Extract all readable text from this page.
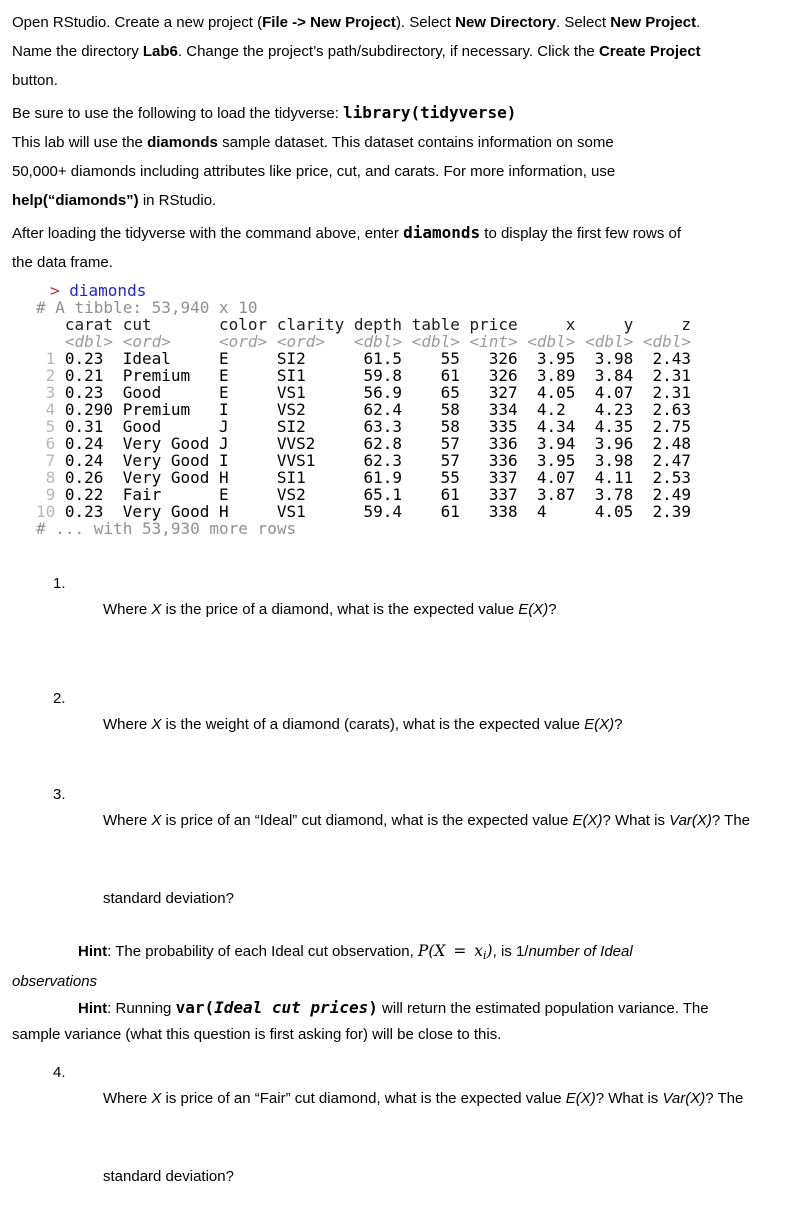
Open RStudio. Create a new project (File -> New Project). Select New Directory. Select New Project.
Name the directory Lab6. Change the project’s path/subdirectory, if necessary. Click the Create Project
button.
Be sure to use the following to load the tidyverse: library(tidyverse)
This lab will use the diamonds sample dataset. This dataset contains information on some
50,000+ diamonds including attributes like price, cut, and carats. For more information, use
help(“diamonds”) in RStudio.
After loading the tidyverse with the command above, enter diamonds to display the first few rows of
the data frame.
> diamonds
# A tibble: 53,940 x 10
carat cut       color clarity depth table price     x     y     z
<dbl> <ord>     <ord> <ord>   <dbl> <dbl> <int> <dbl> <dbl> <dbl>
1 0.23  Ideal     E     SI2      61.5    55   326  3.95  3.98  2.43
2 0.21  Premium   E     SI1      59.8    61   326  3.89  3.84  2.31
3 0.23  Good      E     VS1      56.9    65   327  4.05  4.07  2.31
4 0.290 Premium   I     VS2      62.4    58   334  4.2   4.23  2.63
5 0.31  Good      J     SI2      63.3    58   335  4.34  4.35  2.75
6 0.24  Very Good J     VVS2     62.8    57   336  3.94  3.96  2.48
7 0.24  Very Good I     VVS1     62.3    57   336  3.95  3.98  2.47
8 0.26  Very Good H     SI1      61.9    55   337  4.07  4.11  2.53
9 0.22  Fair      E     VS2      65.1    61   337  3.87  3.78  2.49
10 0.23  Very Good H     VS1      59.4    61   338  4     4.05  2.39
# ... with 53,930 more rows

1.
Where X is the price of a diamond, what is the expected value E(X)?

2.
Where X is the weight of a diamond (carats), what is the expected value E(X)?

3.
Where X is price of an “Ideal” cut diamond, what is the expected value E(X)? What is Var(X)? The

standard deviation?

Hint: The probability of each Ideal cut observation, $P(X = x_i)$, is 1/number of Ideal
observations
Hint: Running var(Ideal cut prices) will return the estimated population variance. The
sample variance (what this question is first asking for) will be close to this.

4.
Where X is price of an “Fair” cut diamond, what is the expected value E(X)? What is Var(X)? The

standard deviation?
